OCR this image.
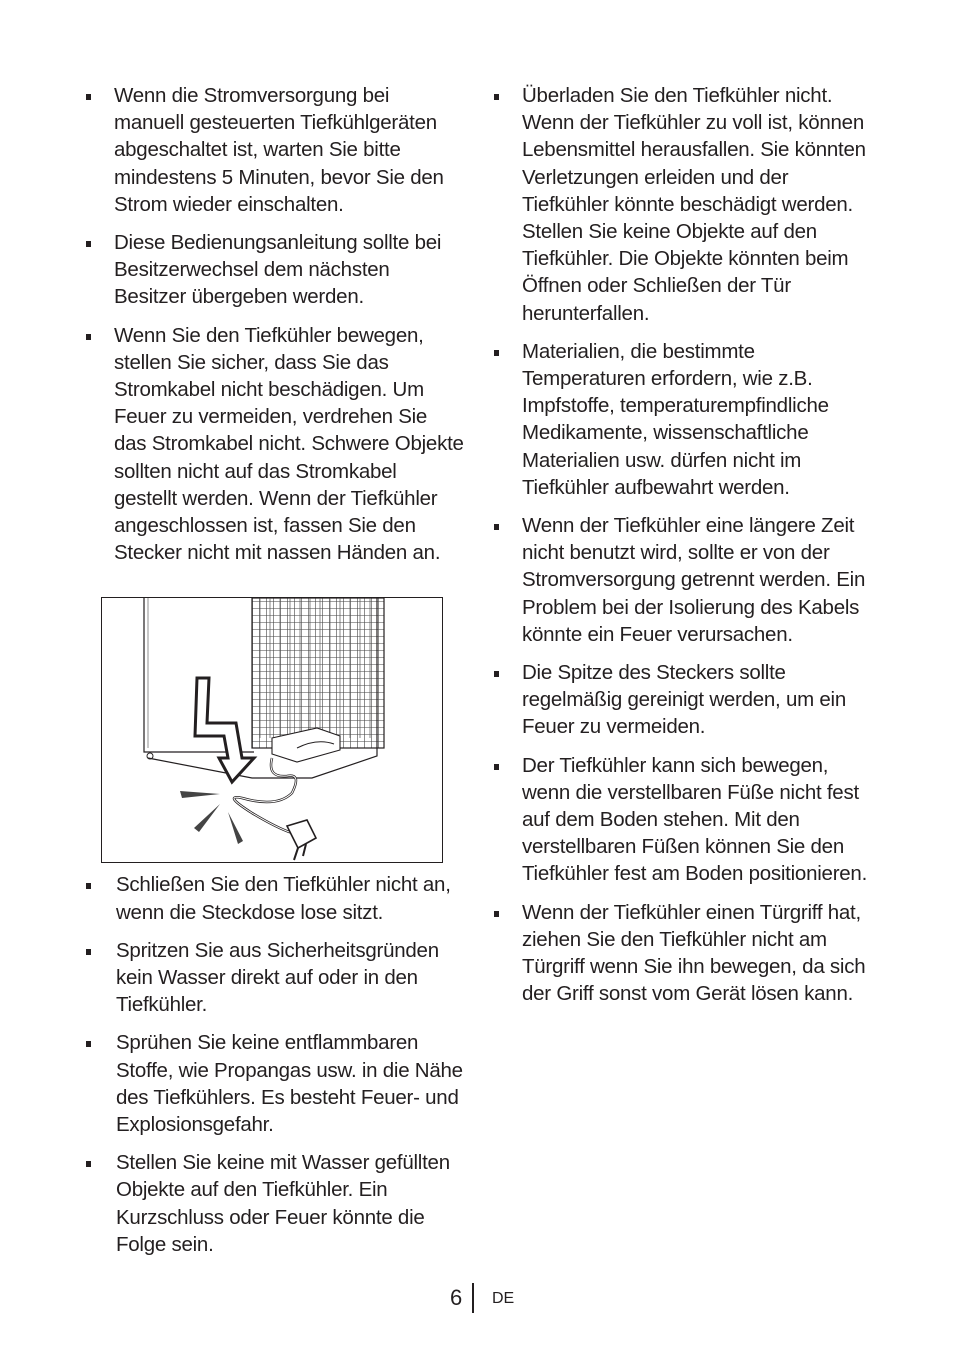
Wenn die Stromversorgung bei manuell gesteuerten Tiefkühlgeräten abgeschaltet ist, warten Sie bitte mindestens 5 Minuten, bevor Sie den Strom wieder einschalten.
Diese Bedienungsanleitung sollte bei Besitzerwechsel dem nächsten Besitzer übergeben werden.
Wenn Sie den Tiefkühler bewegen, stellen Sie sicher, dass Sie das Stromkabel nicht beschädigen. Um Feuer zu vermeiden, verdrehen Sie das Stromkabel nicht. Schwere Objekte sollten nicht auf das Stromkabel gestellt werden. Wenn der Tiefkühler angeschlossen ist, fassen Sie den Stecker nicht mit nassen Händen an.
Schließen Sie den Tiefkühler nicht an, wenn die Steckdose lose sitzt.
Spritzen Sie aus Sicherheitsgründen kein Wasser direkt auf oder in den Tiefkühler.
Sprühen Sie keine entflammbaren Stoffe, wie Propangas usw. in die Nähe des Tiefkühlers. Es besteht Feuer- und Explosionsgefahr.
Stellen Sie keine mit Wasser gefüllten Objekte auf den Tiefkühler. Ein Kurzschluss oder Feuer könnte die Folge sein.
Überladen Sie den Tiefkühler nicht. Wenn der Tiefkühler zu voll ist, können Lebensmittel herausfallen. Sie könnten Verletzungen erleiden und der Tiefkühler könnte beschädigt werden. Stellen Sie keine Objekte auf den Tiefkühler. Die Objekte könnten beim Öffnen oder Schließen der Tür herunterfallen.
Materialien, die bestimmte Temperaturen erfordern, wie z.B. Impfstoffe, temperaturempfindliche Medikamente, wissenschaftliche Materialien usw. dürfen nicht im Tiefkühler aufbewahrt werden.
Wenn der Tiefkühler eine längere Zeit nicht benutzt wird, sollte er von der Stromversorgung getrennt werden. Ein Problem bei der Isolierung des Kabels könnte ein Feuer verursachen.
Die Spitze des Steckers sollte regelmäßig gereinigt werden, um ein Feuer zu vermeiden.
Der Tiefkühler kann sich bewegen, wenn die verstellbaren Füße nicht fest auf dem Boden stehen. Mit den verstellbaren Füßen können Sie den Tiefkühler fest am Boden positionieren.
Wenn der Tiefkühler einen Türgriff hat, ziehen Sie den Tiefkühler nicht am Türgriff wenn Sie ihn bewegen, da sich der Griff sonst vom Gerät lösen kann.
6 DE
